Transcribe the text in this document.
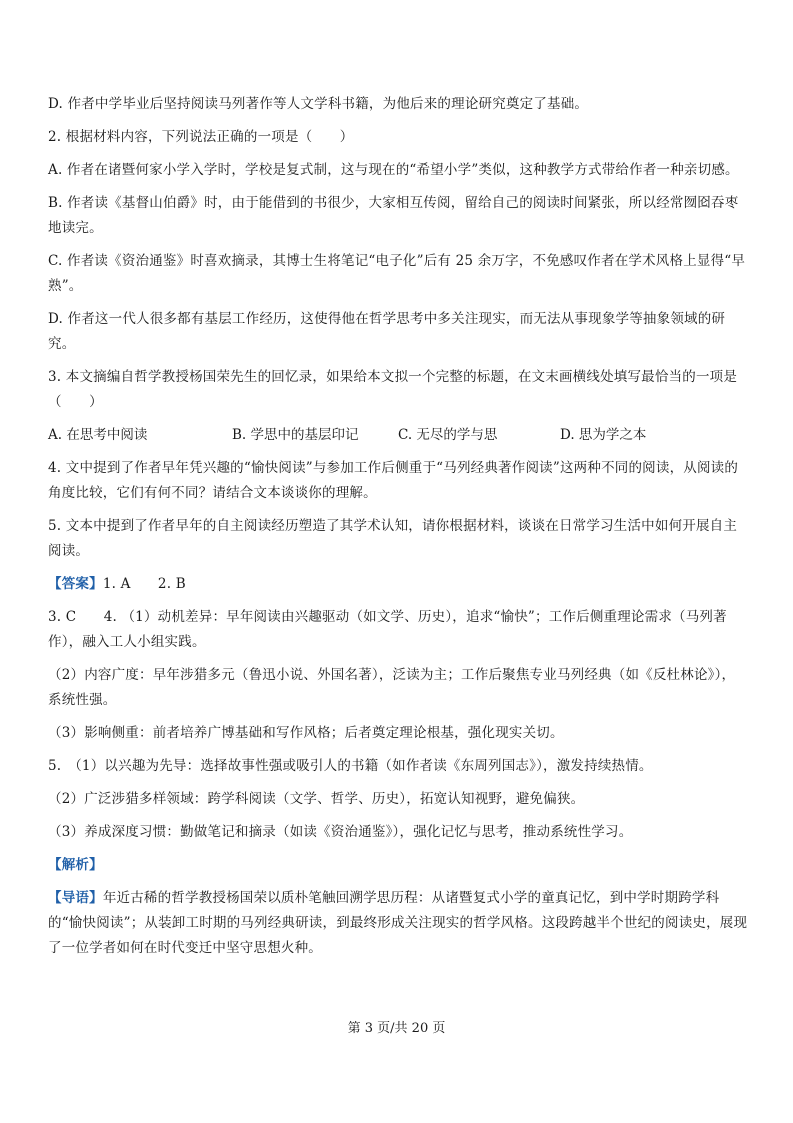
D. 作者中学毕业后坚持阅读马列著作等人文学科书籍，为他后来的理论研究奠定了基础。

2. 根据材料内容，下列说法正确的一项是（　　）

A. 作者在诸暨何家小学入学时，学校是复式制，这与现在的“希望小学”类似，这种教学方式带给作者一种亲切感。

B. 作者读《基督山伯爵》时，由于能借到的书很少，大家相互传阅，留给自己的阅读时间紧张，所以经常囫囵吞枣地读完。

C. 作者读《资治通鉴》时喜欢摘录，其博士生将笔记“电子化”后有 25 余万字，不免感叹作者在学术风格上显得“早熟”。

D. 作者这一代人很多都有基层工作经历，这使得他在哲学思考中多关注现实，而无法从事现象学等抽象领域的研究。

3. 本文摘编自哲学教授杨国荣先生的回忆录，如果给本文拟一个完整的标题，在文末画横线处填写最恰当的一项是（　　）

A. 在思考中阅读	B. 学思中的基层印记	C. 无尽的学与思	D. 思为学之本

4. 文中提到了作者早年凭兴趣的“愉快阅读”与参加工作后侧重于“马列经典著作阅读”这两种不同的阅读，从阅读的角度比较，它们有何不同？请结合文本谈谈你的理解。

5. 文本中提到了作者早年的自主阅读经历塑造了其学术认知，请你根据材料，谈谈在日常学习生活中如何开展自主阅读。

【答案】1. A　　2. B

3. C　　4. （1）动机差异：早年阅读由兴趣驱动（如文学、历史），追求“愉快”；工作后侧重理论需求（马列著作），融入工人小组实践。

（2）内容广度：早年涉猎多元（鲁迅小说、外国名著），泛读为主；工作后聚焦专业马列经典（如《反杜林论》），系统性强。

（3）影响侧重：前者培养广博基础和写作风格；后者奠定理论根基，强化现实关切。

5.　（1）以兴趣为先导：选择故事性强或吸引人的书籍（如作者读《东周列国志》），激发持续热情。

（2）广泛涉猎多样领域：跨学科阅读（文学、哲学、历史），拓宽认知视野，避免偏狭。

（3）养成深度习惯：勤做笔记和摘录（如读《资治通鉴》），强化记忆与思考，推动系统性学习。

【解析】

【导语】年近古稀的哲学教授杨国荣以质朴笔触回溯学思历程：从诸暨复式小学的童真记忆，到中学时期跨学科的“愉快阅读”；从装卸工时期的马列经典研读，到最终形成关注现实的哲学风格。这段跨越半个世纪的阅读史，展现了一位学者如何在时代变迁中坚守思想火种。

第 3 页/共 20 页
